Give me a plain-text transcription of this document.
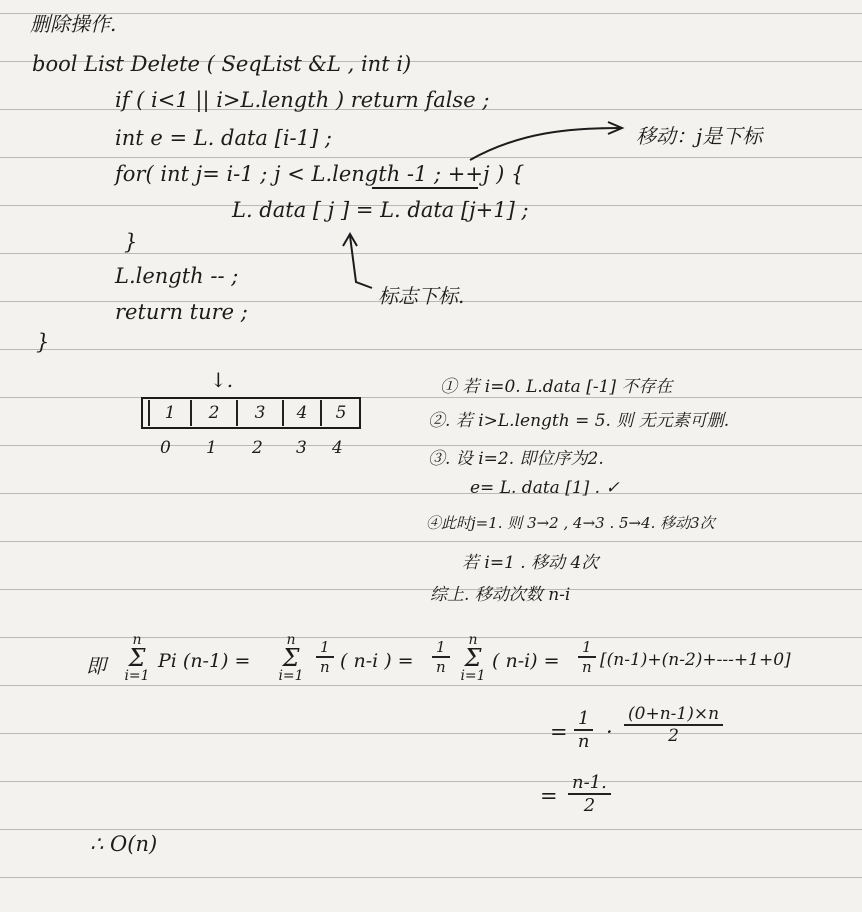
删除操作.
bool List Delete ( SeqList &L , int i)
if ( i<1 || i>L.length ) return false ;
int e = L. data [i-1] ;
for( int j= i-1 ; j < L.length -1 ; ++j ) {
L. data [ j ] = L. data [j+1] ;
}
L.length -- ;
return ture ;
}
移动：j是下标
标志下标.
↓.
1	2	3	4	5
0 1 2 3 4
① 若 i=0. L.data [-1] 不存在
②. 若 i>L.length = 5. 则 无元素可删.
③. 设 i=2. 即位序为2.
e= L. data [1] . ✓
④此时j=1. 则 3→2 , 4→3 . 5→4. 移动3次
若 i=1 . 移动 4次
综上. 移动次数 n-i
即
n
Σ
i=1
Pi (n-1) =
n
Σ
$i=1 \frac{1}{n}$ ( n-i ) = $\frac{1}{n}$	n
Σ
i=1
( $n-i) = \frac{1}{n} [(n-1)+(n-2)+---+1+0]$
= $\frac{1}{n} \cdot \frac{(0+n-1)\times n}{2}$
= $\frac{n-1.}{2}$
∴ O(n)
